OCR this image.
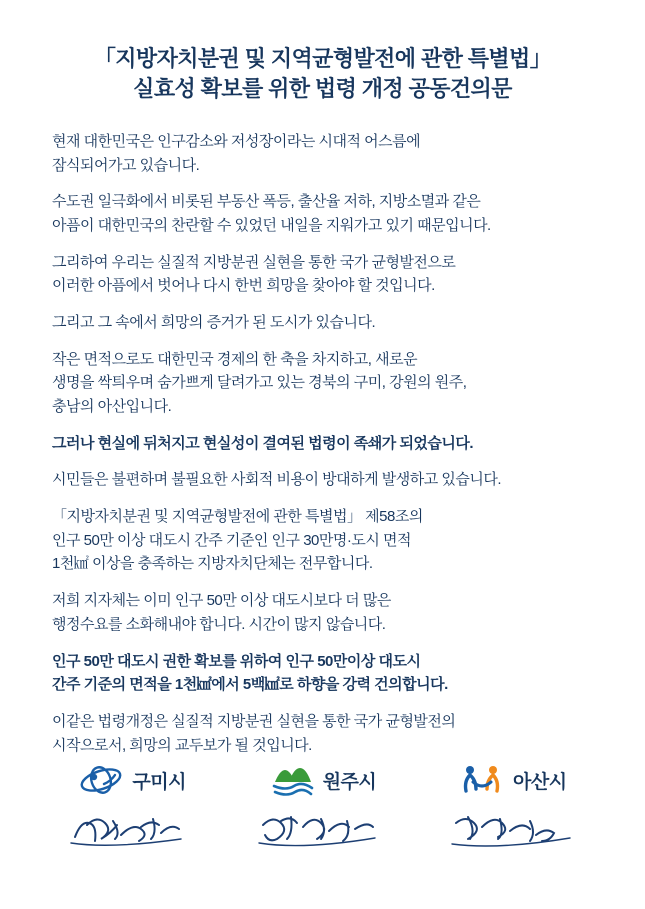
「지방자치분권 및 지역균형발전에 관한 특별법」
실효성 확보를 위한 법령 개정 공동건의문

현재 대한민국은 인구감소와 저성장이라는 시대적 어스름에
잠식되어가고 있습니다.

수도권 일극화에서 비롯된 부동산 폭등, 출산율 저하, 지방소멸과 같은
아픔이 대한민국의 찬란할 수 있었던 내일을 지워가고 있기 때문입니다.

그리하여 우리는 실질적 지방분권 실현을 통한 국가 균형발전으로
이러한 아픔에서 벗어나 다시 한번 희망을 찾아야 할 것입니다.

그리고 그 속에서 희망의 증거가 된 도시가 있습니다.

작은 면적으로도 대한민국 경제의 한 축을 차지하고, 새로운
생명을 싹틔우며 숨가쁘게 달려가고 있는 경북의 구미, 강원의 원주,
충남의 아산입니다.

그러나 현실에 뒤처지고 현실성이 결여된 법령이 족쇄가 되었습니다.

시민들은 불편하며 불필요한 사회적 비용이 방대하게 발생하고 있습니다.

「지방자치분권 및 지역균형발전에 관한 특별법」 제58조의
인구 50만 이상 대도시 간주 기준인 인구 30만명·도시 면적
1천㎢ 이상을 충족하는 지방자치단체는 전무합니다.

저희 지자체는 이미 인구 50만 이상 대도시보다 더 많은
행정수요를 소화해내야 합니다. 시간이 많지 않습니다.

인구 50만 대도시 권한 확보를 위하여 인구 50만이상 대도시
간주 기준의 면적을 1천㎢에서 5백㎢로 하향을 강력 건의합니다.

이같은 법령개정은 실질적 지방분권 실현을 통한 국가 균형발전의
시작으로서, 희망의 교두보가 될 것입니다.

구미시	원주시	아산시
